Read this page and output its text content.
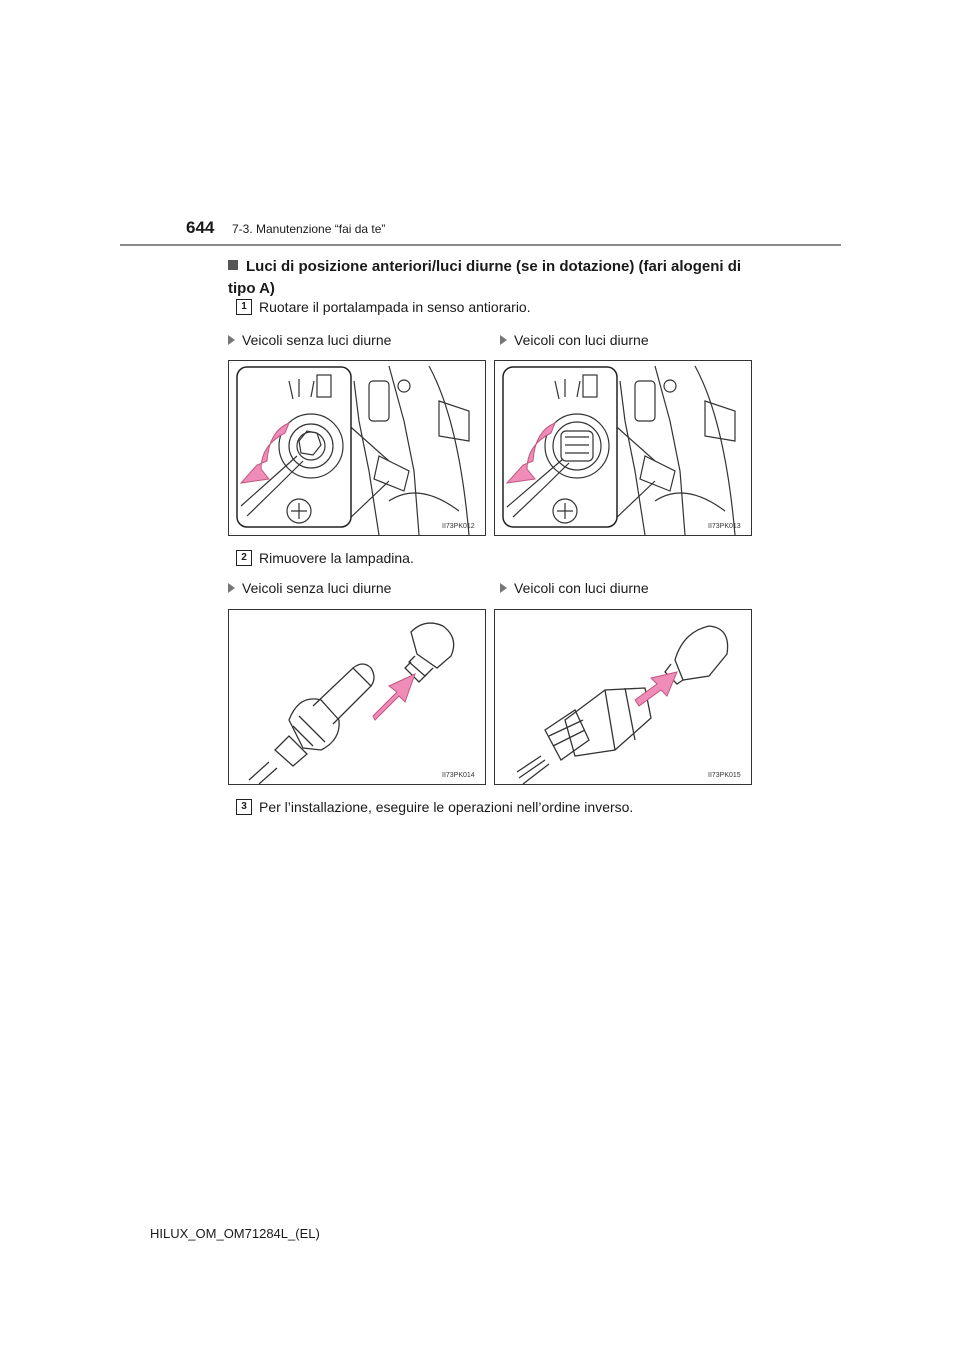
644 7-3. Manutenzione “fai da te”
Luci di posizione anteriori/luci diurne (se in dotazione) (fari alogeni di tipo A)
1 Ruotare il portalampada in senso antiorario.
Veicoli senza luci diurne	Veicoli con luci diurne
II73PK012	II73PK013
2 Rimuovere la lampadina.
Veicoli senza luci diurne	Veicoli con luci diurne
II73PK014	II73PK015
3 Per l’installazione, eseguire le operazioni nell’ordine inverso.
HILUX_OM_OM71284L_(EL)
